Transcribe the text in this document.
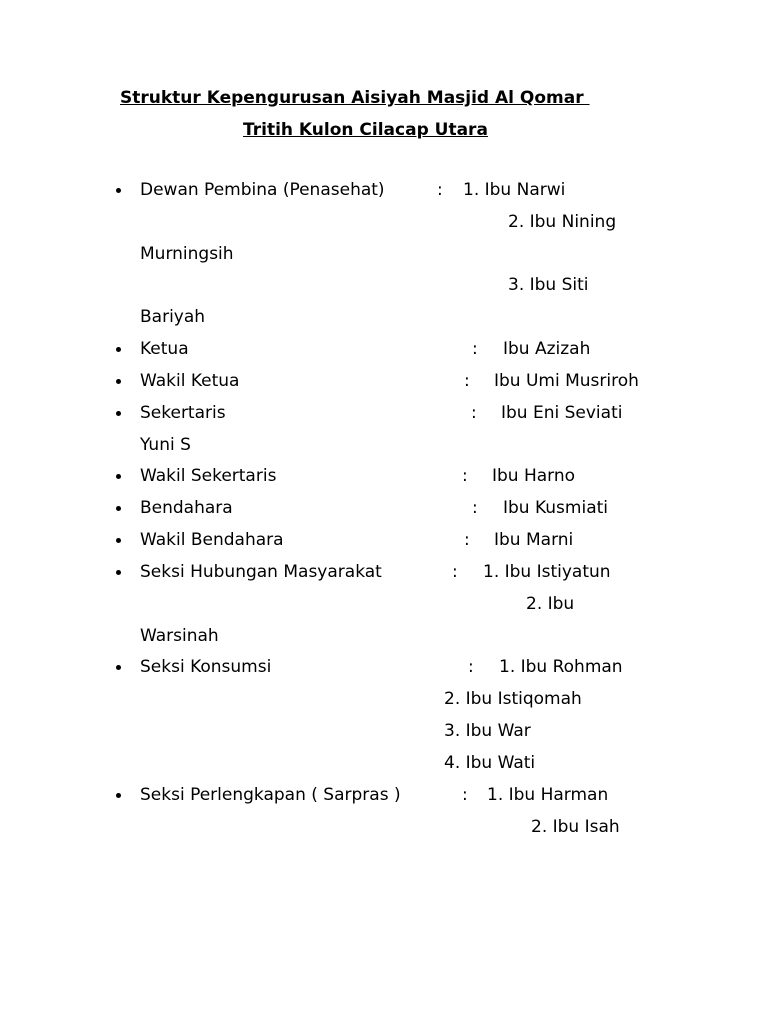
Struktur Kepengurusan Aisiyah Masjid Al Qomar
Tritih Kulon Cilacap Utara
Dewan Pembina (Penasehat)	: 1. Ibu Narwi
2. Ibu Nining
Murningsih
3. Ibu Siti
Bariyah
Ketua	: Ibu Azizah
Wakil Ketua	: Ibu Umi Musriroh
Sekertaris	: Ibu Eni Seviati
Yuni S
Wakil Sekertaris	: Ibu Harno
Bendahara	: Ibu Kusmiati
Wakil Bendahara	: Ibu Marni
Seksi Hubungan Masyarakat	: 1. Ibu Istiyatun
2. Ibu
Warsinah
Seksi Konsumsi	: 1. Ibu Rohman
2. Ibu Istiqomah
3. Ibu War
4. Ibu Wati
Seksi Perlengkapan ( Sarpras )	: 1. Ibu Harman
2. Ibu Isah
